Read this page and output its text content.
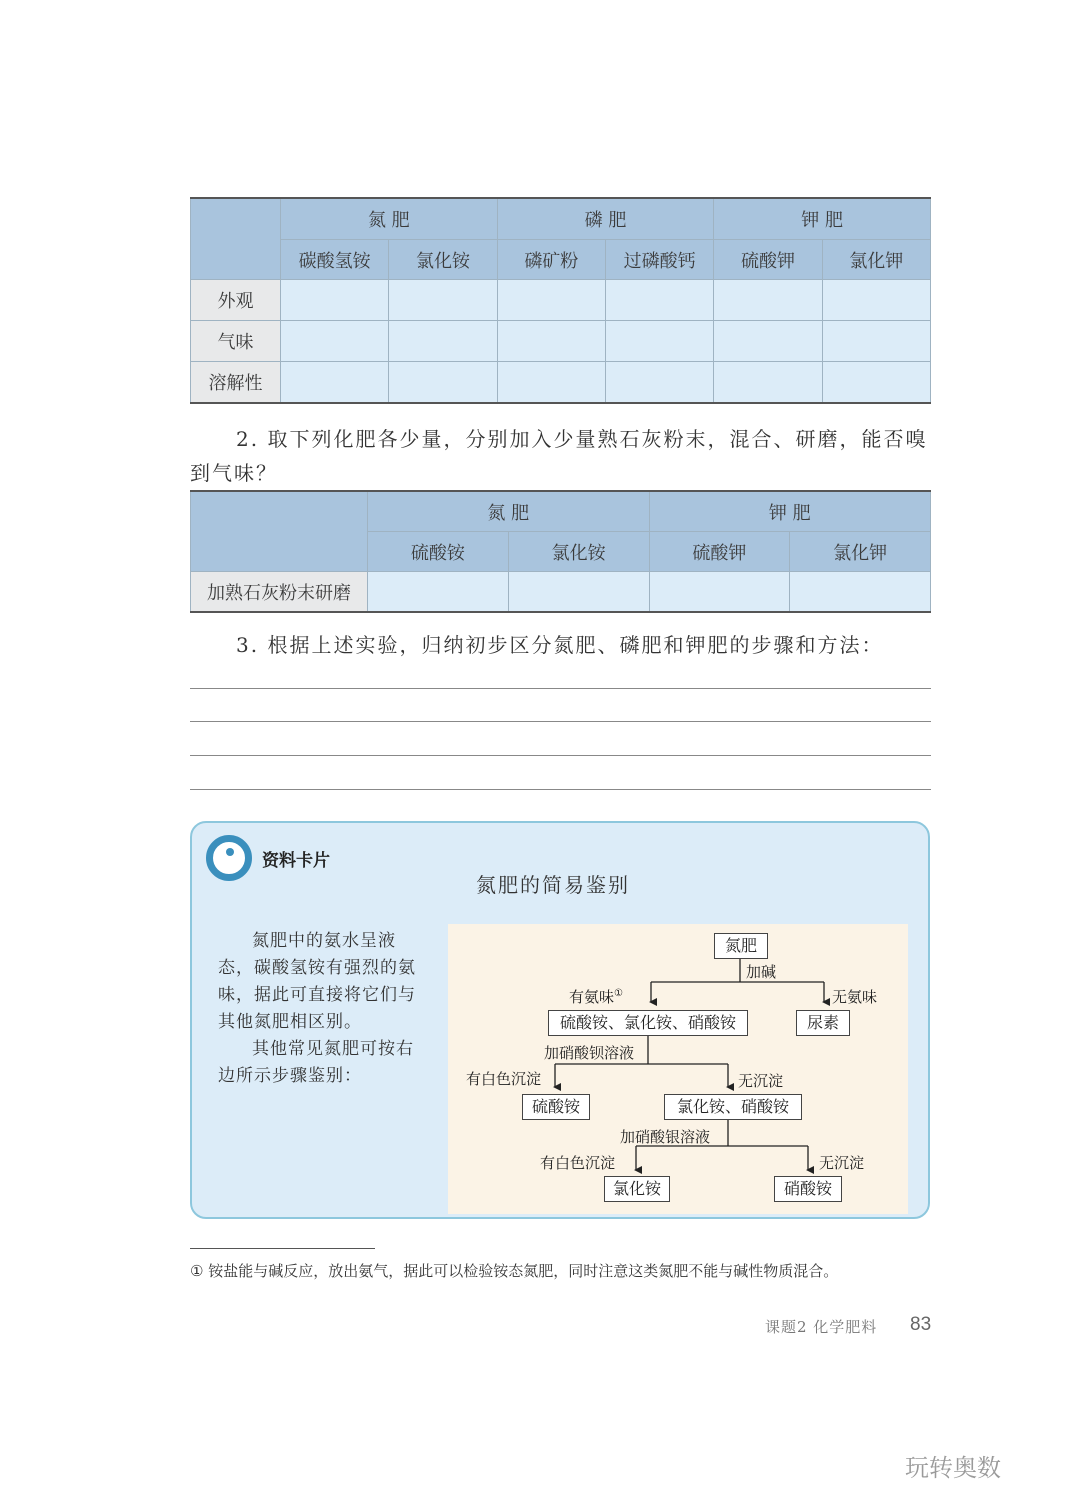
	氮 肥		磷 肥		钾 肥	
	碳酸氢铵	氯化铵	磷矿粉	过磷酸钙	硫酸钾	氯化钾
外观						
气味						
溶解性						
2. 取下列化肥各少量，分别加入少量熟石灰粉末，混合、研磨，能否嗅
到气味？
	氮 肥		钾 肥	
	硫酸铵	氯化铵	硫酸钾	氯化钾
加熟石灰粉末研磨				
3. 根据上述实验，归纳初步区分氮肥、磷肥和钾肥的步骤和方法：
资料卡片
氮肥的简易鉴别

氮肥中的氨水呈液态，碳酸氢铵有强烈的氨味，据此可直接将它们与其他氮肥相区别。

其他常见氮肥可按右边所示步骤鉴别：

氮肥
加碱
有氨味①	无氨味
硫酸铵、氯化铵、硝酸铵	尿素
加硝酸钡溶液
有白色沉淀	无沉淀
硫酸铵	氯化铵、硝酸铵
加硝酸银溶液
有白色沉淀	无沉淀
氯化铵	硝酸铵
① 铵盐能与碱反应，放出氨气，据此可以检验铵态氮肥，同时注意这类氮肥不能与碱性物质混合。
课题2 化学肥料 83
玩转奥数
